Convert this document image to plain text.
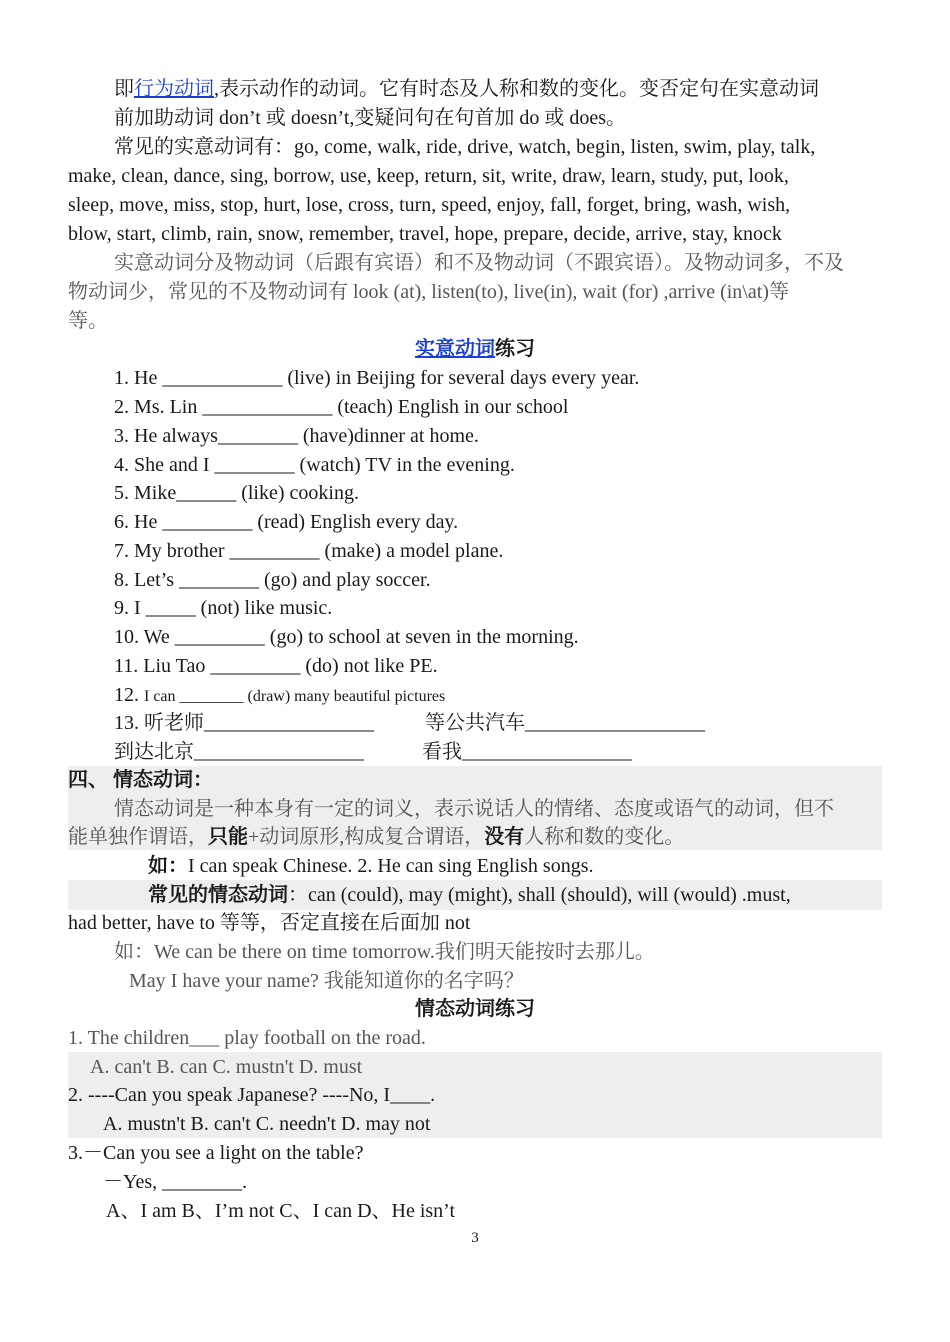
即行为动词,表示动作的动词。它有时态及人称和数的变化。变否定句在实意动词
前加助动词 don’t 或 doesn’t,变疑问句在句首加 do 或 does。
常见的实意动词有：go, come, walk, ride, drive, watch, begin, listen, swim, play, talk,
make, clean, dance, sing, borrow, use, keep, return, sit, write, draw, learn, study, put, look,
sleep, move, miss, stop, hurt, lose, cross, turn, speed, enjoy, fall, forget, bring, wash, wish,
blow, start, climb, rain, snow, remember, travel, hope, prepare, decide, arrive, stay, knock
实意动词分及物动词（后跟有宾语）和不及物动词（不跟宾语）。及物动词多，不及
物动词少，常见的不及物动词有 look (at), listen(to), live(in), wait (for) ,arrive (in\at)等
等。
实意动词练习
1. He ____________ (live) in Beijing for several days every year.
2. Ms. Lin _____________ (teach) English in our school
3. He always________ (have)dinner at home.
4. She and I ________ (watch) TV in the evening.
5. Mike______ (like) cooking.
6. He _________ (read) English every day.
7. My brother _________ (make) a model plane.
8. Let’s ________ (go) and play soccer.
9. I _____ (not) like music.
10. We _________ (go) to school at seven in the morning.
11. Liu Tao _________ (do) not like PE.
12. I can ________ (draw) many beautiful pictures
13. 听老师_________________	等公共汽车__________________
到达北京_________________	看我_________________
四、 情态动词：
情态动词是一种本身有一定的词义，表示说话人的情绪、态度或语气的动词，但不
能单独作谓语，只能+动词原形,构成复合谓语，没有人称和数的变化。
如：I can speak Chinese. 2. He can sing English songs.
常见的情态动词：can (could), may (might), shall (should), will (would) .must,
had better, have to 等等，否定直接在后面加 not
如：We can be there on time tomorrow.我们明天能按时去那儿。
May I have your name? 我能知道你的名字吗？
情态动词练习
1. The children___ play football on the road.
A. can't B. can C. mustn't D. must
2. ----Can you speak Japanese? ----No, I____.
A. mustn't B. can't C. needn't D. may not
3.－Can you see a light on the table?
－Yes, ________.
A、I am B、I’m not C、I can D、He isn’t
3
